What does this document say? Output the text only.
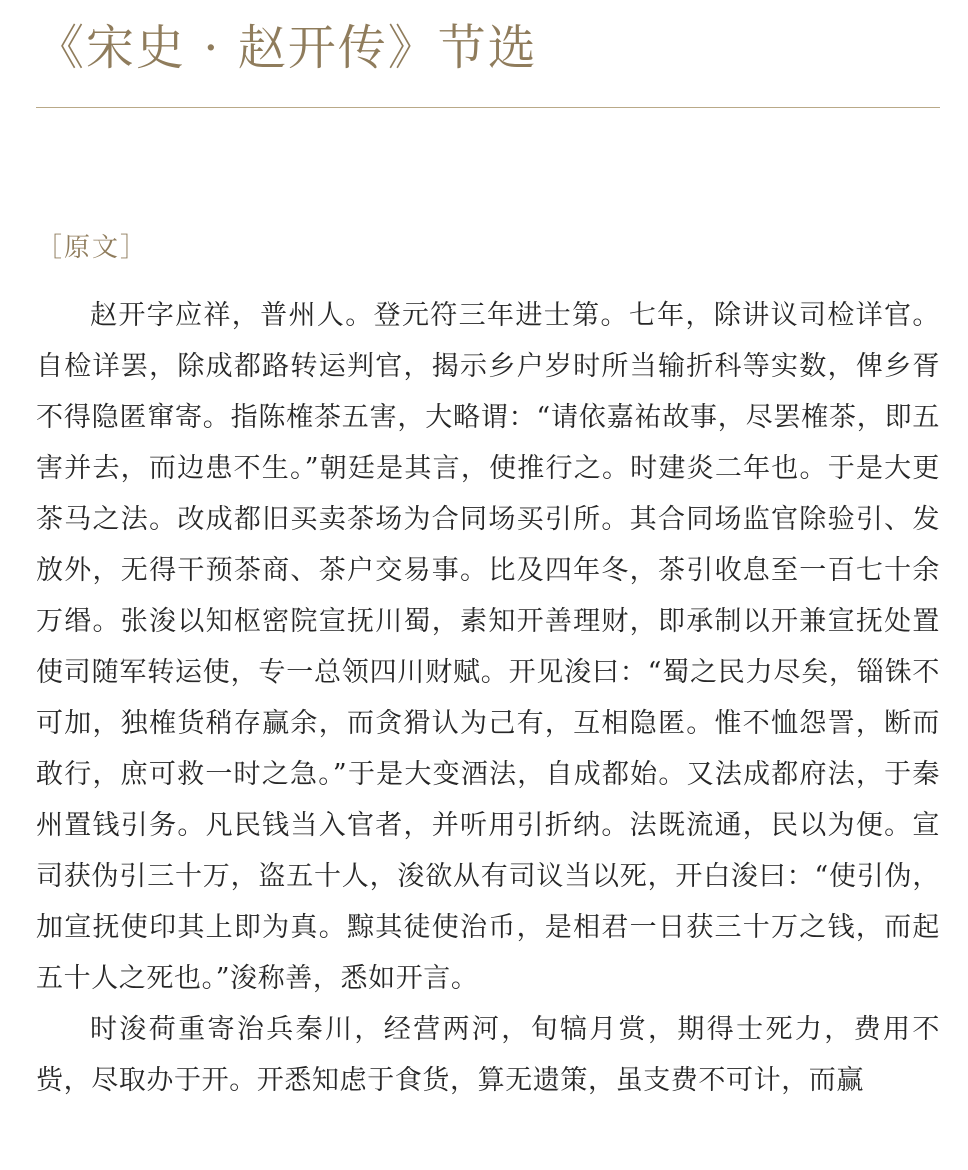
《宋史 · 赵开传》节选
［原文］

赵开字应祥，普州人。登元符三年进士第。七年，除讲议司检详官。自检详罢，除成都路转运判官，揭示乡户岁时所当输折科等实数，俾乡胥不得隐匿窜寄。指陈榷茶五害，大略谓：“请依嘉祐故事，尽罢榷茶，即五害并去，而边患不生。”朝廷是其言，使推行之。时建炎二年也。于是大更茶马之法。改成都旧买卖茶场为合同场买引所。其合同场监官除验引、发放外，无得干预茶商、茶户交易事。比及四年冬，茶引收息至一百七十余万缗。张浚以知枢密院宣抚川蜀，素知开善理财，即承制以开兼宣抚处置使司随军转运使，专一总领四川财赋。开见浚曰：“蜀之民力尽矣，锱铢不可加，独榷货稍存赢余，而贪猾认为己有，互相隐匿。惟不恤怨詈，断而敢行，庶可救一时之急。”于是大变酒法，自成都始。又法成都府法，于秦州置钱引务。凡民钱当入官者，并听用引折纳。法既流通，民以为便。宣司获伪引三十万，盗五十人，浚欲从有司议当以死，开白浚曰：“使引伪，加宣抚使印其上即为真。黥其徒使治币，是相君一日获三十万之钱，而起五十人之死也。”浚称善，悉如开言。

时浚荷重寄治兵秦川，经营两河，旬犒月赏，期得士死力，费用不赀，尽取办于开。开悉知虑于食货，算无遗策，虽支费不可计，而赢
